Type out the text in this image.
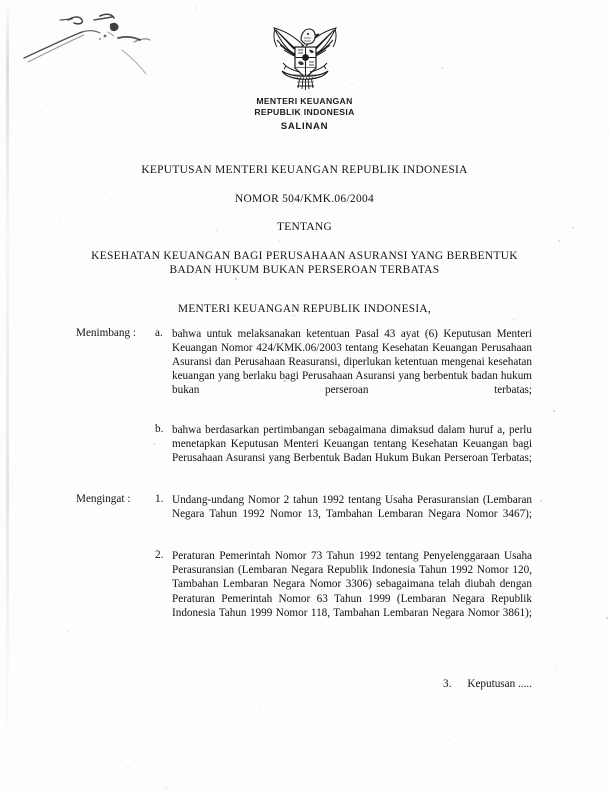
MENTERI KEUANGAN
REPUBLIK INDONESIA
SALINAN
KEPUTUSAN MENTERI KEUANGAN REPUBLIK INDONESIA
NOMOR 504/KMK.06/2004
TENTANG
KESEHATAN KEUANGAN BAGI PERUSAHAAN ASURANSI YANG BERBENTUK
BADAN HUKUM BUKAN PERSEROAN TERBATAS
MENTERI KEUANGAN REPUBLIK INDONESIA,
Menimbang :	a. bahwa untuk melaksanakan ketentuan Pasal 43 ayat (6) Keputusan Menteri Keuangan Nomor 424/KMK.06/2003 tentang Kesehatan Keuangan Perusahaan Asuransi dan Perusahaan Reasuransi, diperlukan ketentuan mengenai kesehatan keuangan yang berlaku bagi Perusahaan Asuransi yang berbentuk badan hukum bukan perseroan terbatas;
b. bahwa berdasarkan pertimbangan sebagaimana dimaksud dalam huruf a, perlu menetapkan Keputusan Menteri Keuangan tentang Kesehatan Keuangan bagi Perusahaan Asuransi yang Berbentuk Badan Hukum Bukan Perseroan Terbatas;
Mengingat :	1. Undang-undang Nomor 2 tahun 1992 tentang Usaha Perasuransian (Lembaran Negara Tahun 1992 Nomor 13, Tambahan Lembaran Negara Nomor 3467);
2. Peraturan Pemerintah Nomor 73 Tahun 1992 tentang Penyelenggaraan Usaha Perasuransian (Lembaran Negara Republik Indonesia Tahun 1992 Nomor 120, Tambahan Lembaran Negara Nomor 3306) sebagaimana telah diubah dengan Peraturan Pemerintah Nomor 63 Tahun 1999 (Lembaran Negara Republik Indonesia Tahun 1999 Nomor 118, Tambahan Lembaran Negara Nomor 3861);
3. Keputusan .....
